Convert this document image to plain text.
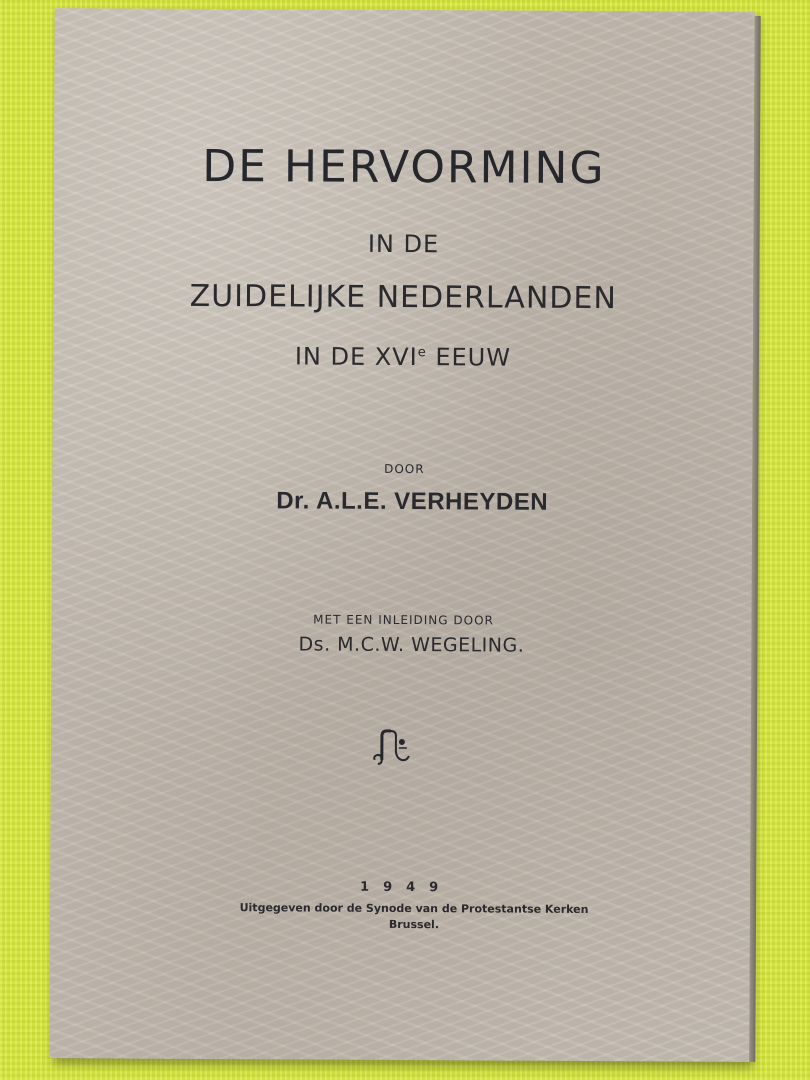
DE HERVORMING
IN DE
ZUIDELIJKE NEDERLANDEN
IN DE XVIe EEUW
DOOR
Dr. A.L.E. VERHEYDEN
MET EEN INLEIDING DOOR
Ds. M.C.W. WEGELING.
1949
Uitgegeven door de Synode van de Protestantse Kerken
Brussel.
